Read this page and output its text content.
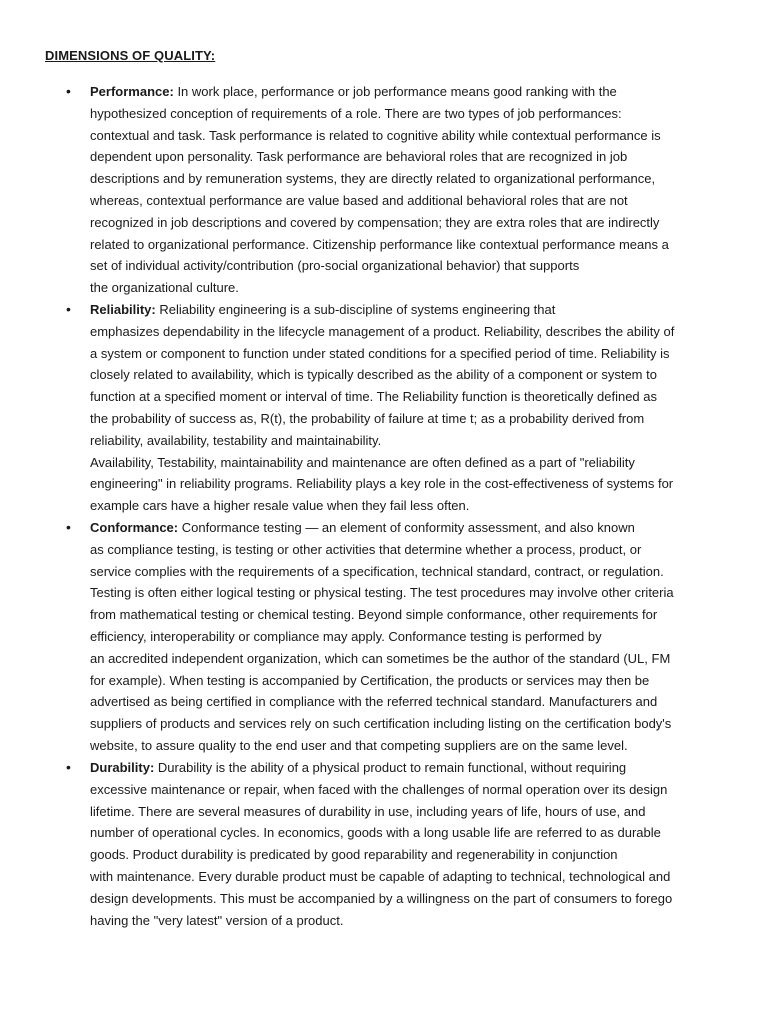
DIMENSIONS OF QUALITY:
• Performance: In work place, performance or job performance means good ranking with the
hypothesized conception of requirements of a role. There are two types of job performances:
contextual and task. Task performance is related to cognitive ability while contextual performance is
dependent upon personality. Task performance are behavioral roles that are recognized in job
descriptions and by remuneration systems, they are directly related to organizational performance,
whereas, contextual performance are value based and additional behavioral roles that are not
recognized in job descriptions and covered by compensation; they are extra roles that are indirectly
related to organizational performance. Citizenship performance like contextual performance means a
set of individual activity/contribution (pro-social organizational behavior) that supports
the organizational culture.
• Reliability: Reliability engineering is a sub-discipline of systems engineering that
emphasizes dependability in the lifecycle management of a product. Reliability, describes the ability of
a system or component to function under stated conditions for a specified period of time. Reliability is
closely related to availability, which is typically described as the ability of a component or system to
function at a specified moment or interval of time. The Reliability function is theoretically defined as
the probability of success as, R(t), the probability of failure at time t; as a probability derived from
reliability, availability, testability and maintainability.
Availability, Testability, maintainability and maintenance are often defined as a part of "reliability
engineering" in reliability programs. Reliability plays a key role in the cost-effectiveness of systems for
example cars have a higher resale value when they fail less often.
• Conformance: Conformance testing — an element of conformity assessment, and also known
as compliance testing, is testing or other activities that determine whether a process, product, or
service complies with the requirements of a specification, technical standard, contract, or regulation.
Testing is often either logical testing or physical testing. The test procedures may involve other criteria
from mathematical testing or chemical testing. Beyond simple conformance, other requirements for
efficiency, interoperability or compliance may apply. Conformance testing is performed by
an accredited independent organization, which can sometimes be the author of the standard (UL, FM
for example). When testing is accompanied by Certification, the products or services may then be
advertised as being certified in compliance with the referred technical standard. Manufacturers and
suppliers of products and services rely on such certification including listing on the certification body's
website, to assure quality to the end user and that competing suppliers are on the same level.
• Durability: Durability is the ability of a physical product to remain functional, without requiring
excessive maintenance or repair, when faced with the challenges of normal operation over its design
lifetime. There are several measures of durability in use, including years of life, hours of use, and
number of operational cycles. In economics, goods with a long usable life are referred to as durable
goods. Product durability is predicated by good reparability and regenerability in conjunction
with maintenance. Every durable product must be capable of adapting to technical, technological and
design developments. This must be accompanied by a willingness on the part of consumers to forego
having the "very latest" version of a product.
